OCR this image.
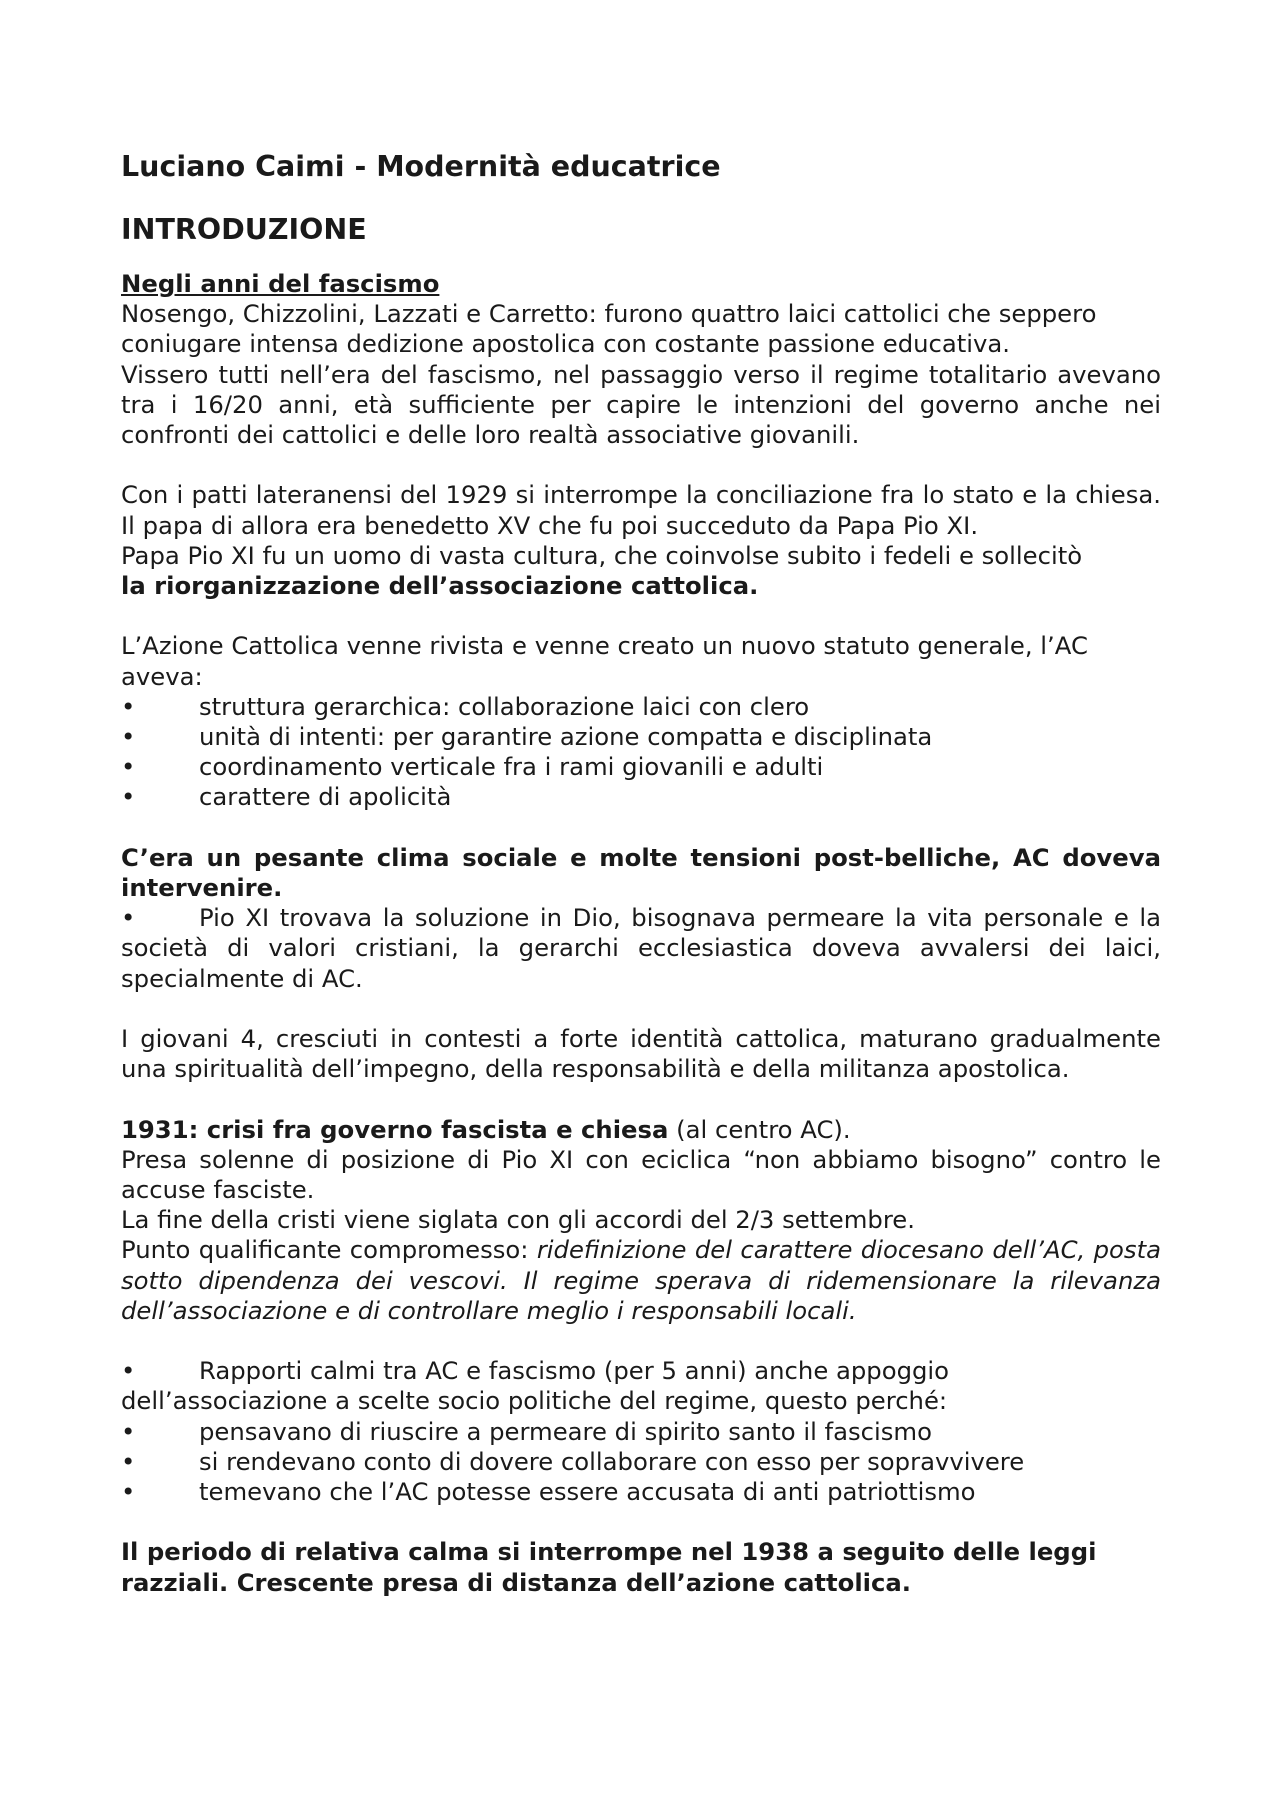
Luciano Caimi - Modernità educatrice
INTRODUZIONE

Negli anni del fascismo

Nosengo, Chizzolini, Lazzati e Carretto: furono quattro laici cattolici che seppero coniugare intensa dedizione apostolica con costante passione educativa.

Vissero tutti nell’era del fascismo, nel passaggio verso il regime totalitario avevano tra i 16/20 anni, età sufficiente per capire le intenzioni del governo anche nei confronti dei cattolici e delle loro realtà associative giovanili.

Con i patti lateranensi del 1929 si interrompe la conciliazione fra lo stato e la chiesa. Il papa di allora era benedetto XV che fu poi succeduto da Papa Pio XI.

Papa Pio XI fu un uomo di vasta cultura, che coinvolse subito i fedeli e sollecitò
la riorganizzazione dell’associazione cattolica.

L’Azione Cattolica venne rivista e venne creato un nuovo statuto generale, l’AC aveva:

•	struttura gerarchica: collaborazione laici con clero
•	unità di intenti: per garantire azione compatta e disciplinata
•	coordinamento verticale fra i rami giovanili e adulti
•	carattere di apolicità

C’era un pesante clima sociale e molte tensioni post-belliche, AC doveva intervenire.

•	Pio XI trovava la soluzione in Dio, bisognava permeare la vita personale e la società di valori cristiani, la gerarchi ecclesiastica doveva avvalersi dei laici, specialmente di AC.

I giovani 4, cresciuti in contesti a forte identità cattolica, maturano gradualmente una spiritualità dell’impegno, della responsabilità e della militanza apostolica.

1931: crisi fra governo fascista e chiesa (al centro AC).

Presa solenne di posizione di Pio XI con eciclica “non abbiamo bisogno” contro le accuse fasciste.

La fine della cristi viene siglata con gli accordi del 2/3 settembre.

Punto qualificante compromesso: ridefinizione del carattere diocesano dell’AC, posta sotto dipendenza dei vescovi. Il regime sperava di ridemensionare la rilevanza dell’associazione e di controllare meglio i responsabili locali.

•	Rapporti calmi tra AC e fascismo (per 5 anni) anche appoggio
dell’associazione a scelte socio politiche del regime, questo perché:

•	pensavano di riuscire a permeare di spirito santo il fascismo
•	si rendevano conto di dovere collaborare con esso per sopravvivere
•	temevano che l’AC potesse essere accusata di anti patriottismo

Il periodo di relativa calma si interrompe nel 1938 a seguito delle leggi razziali. Crescente presa di distanza dell’azione cattolica.
